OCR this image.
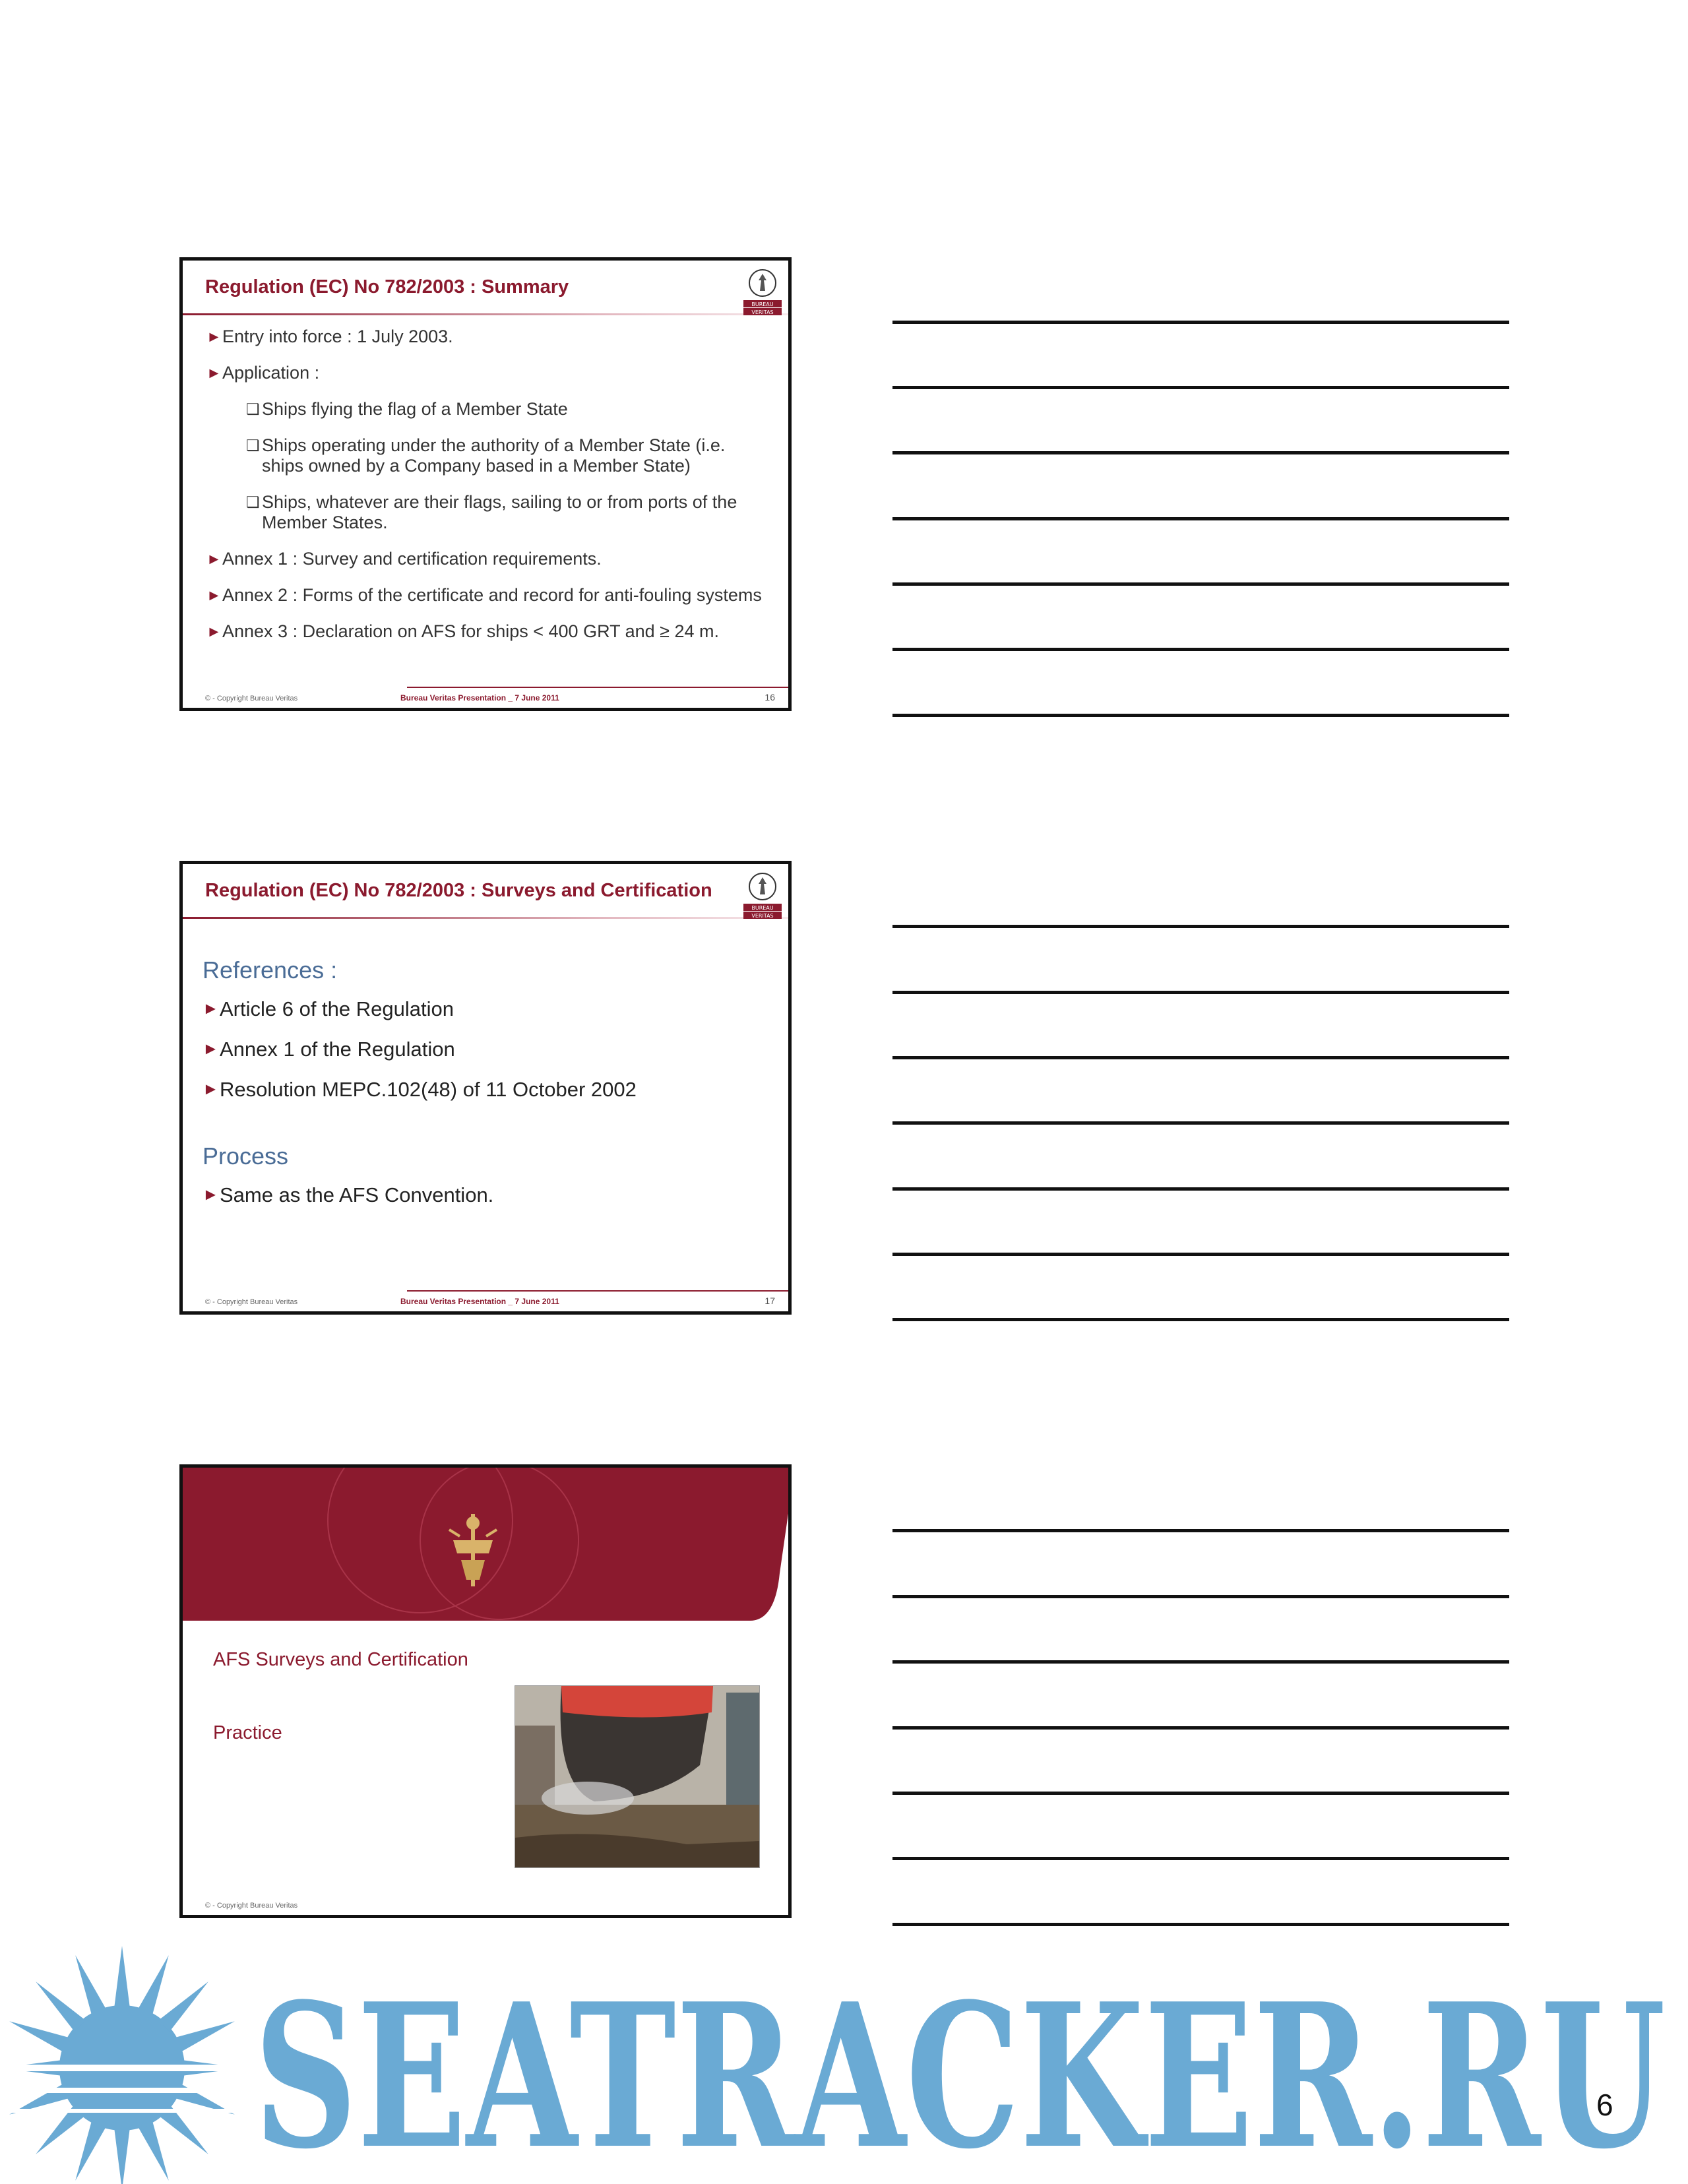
Regulation (EC) No 782/2003 : Summary
BUREAU
VERITAS
► Entry into force : 1 July 2003.
► Application :
❑ Ships flying the flag of a Member State
❑ Ships operating under the authority of a Member State (i.e. ships owned by a Company based in a Member State)
❑ Ships, whatever are their flags, sailing to or from ports of the Member States.
► Annex 1 : Survey and certification requirements.
► Annex 2 : Forms of the certificate and record for anti-fouling systems
► Annex 3 : Declaration on AFS for ships < 400 GRT and ≥ 24 m.
© - Copyright Bureau Veritas	Bureau Veritas Presentation _ 7 June 2011	16
Regulation (EC) No 782/2003 : Surveys and Certification
BUREAU
VERITAS
References :
► Article 6 of the Regulation
► Annex 1 of the Regulation
► Resolution MEPC.102(48) of 11 October 2002
Process
► Same as the AFS Convention.
© - Copyright Bureau Veritas	Bureau Veritas Presentation _ 7 June 2011	17
AFS Surveys and Certification
Practice
© - Copyright Bureau Veritas
SEATRACKER.RU
6
